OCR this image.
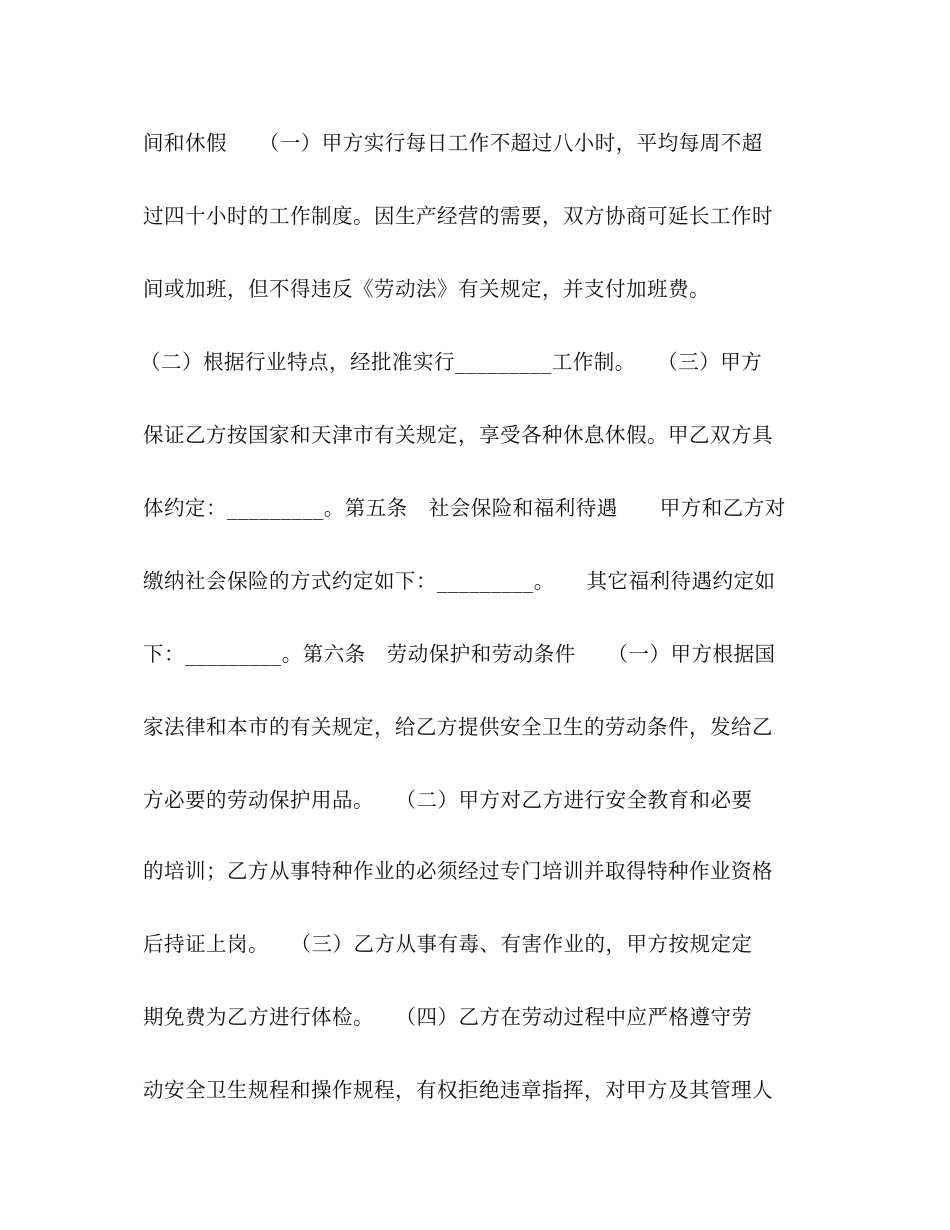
间和休假　　（一）甲方实行每日工作不超过八小时，平均每周不超
过四十小时的工作制度。因生产经营的需要，双方协商可延长工作时
间或加班，但不得违反《劳动法》有关规定，并支付加班费。
（二）根据行业特点，经批准实行_________工作制。　　（三）甲方
保证乙方按国家和天津市有关规定，享受各种休息休假。甲乙双方具
体约定：_________。第五条　社会保险和福利待遇　　甲方和乙方对
缴纳社会保险的方式约定如下：_________。　　其它福利待遇约定如
下：_________。第六条　劳动保护和劳动条件　　（一）甲方根据国
家法律和本市的有关规定，给乙方提供安全卫生的劳动条件，发给乙
方必要的劳动保护用品。　　（二）甲方对乙方进行安全教育和必要
的培训；乙方从事特种作业的必须经过专门培训并取得特种作业资格
后持证上岗。　　（三）乙方从事有毒、有害作业的，甲方按规定定
期免费为乙方进行体检。　　（四）乙方在劳动过程中应严格遵守劳
动安全卫生规程和操作规程，有权拒绝违章指挥，对甲方及其管理人
